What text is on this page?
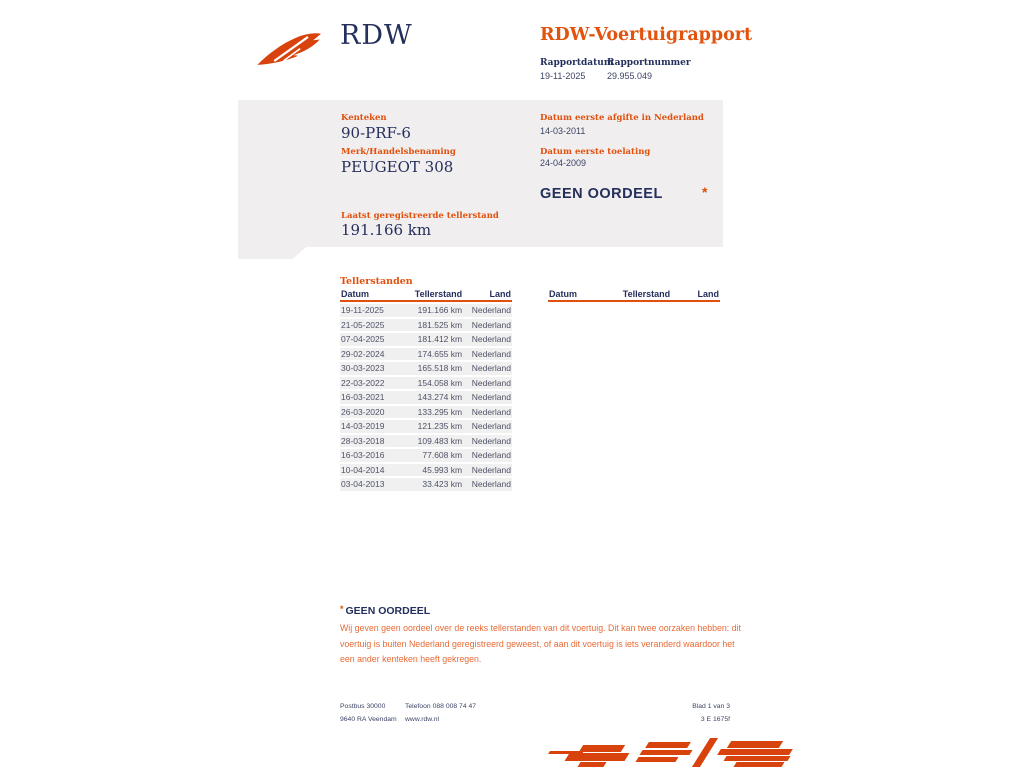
RDW	RDW-Voertuigrapport
Rapportdatum
Rapportnummer
19-11-2025 29.955.049
Kenteken
90-PRF-6
Merk/Handelsbenaming
PEUGEOT 308
Laatst geregistreerde tellerstand
191.166 km
Datum eerste afgifte in Nederland
14-03-2011
Datum eerste toelating
24-04-2009
GEEN OORDEEL	*
Tellerstanden
Datum	Tellerstand	Land
19-11-2025	191.166 km	Nederland
21-05-2025	181.525 km	Nederland
07-04-2025	181.412 km	Nederland
29-02-2024	174.655 km	Nederland
30-03-2023	165.518 km	Nederland
22-03-2022	154.058 km	Nederland
16-03-2021	143.274 km	Nederland
26-03-2020	133.295 km	Nederland
14-03-2019	121.235 km	Nederland
28-03-2018	109.483 km	Nederland
16-03-2016	77.608 km	Nederland
10-04-2014	45.993 km	Nederland
03-04-2013	33.423 km	Nederland
Datum	Tellerstand	Land
* GEEN OORDEEL
Wij geven geen oordeel over de reeks tellerstanden van dit voertuig. Dit kan twee oorzaken hebben: dit voertuig is buiten Nederland geregistreerd geweest, of aan dit voertuig is iets veranderd waardoor het een ander kenteken heeft gekregen.
Postbus 30000
9640 RA Veendam
Telefoon 088 008 74 47
www.rdw.nl
Blad 1 van 3
3 E 1675f
